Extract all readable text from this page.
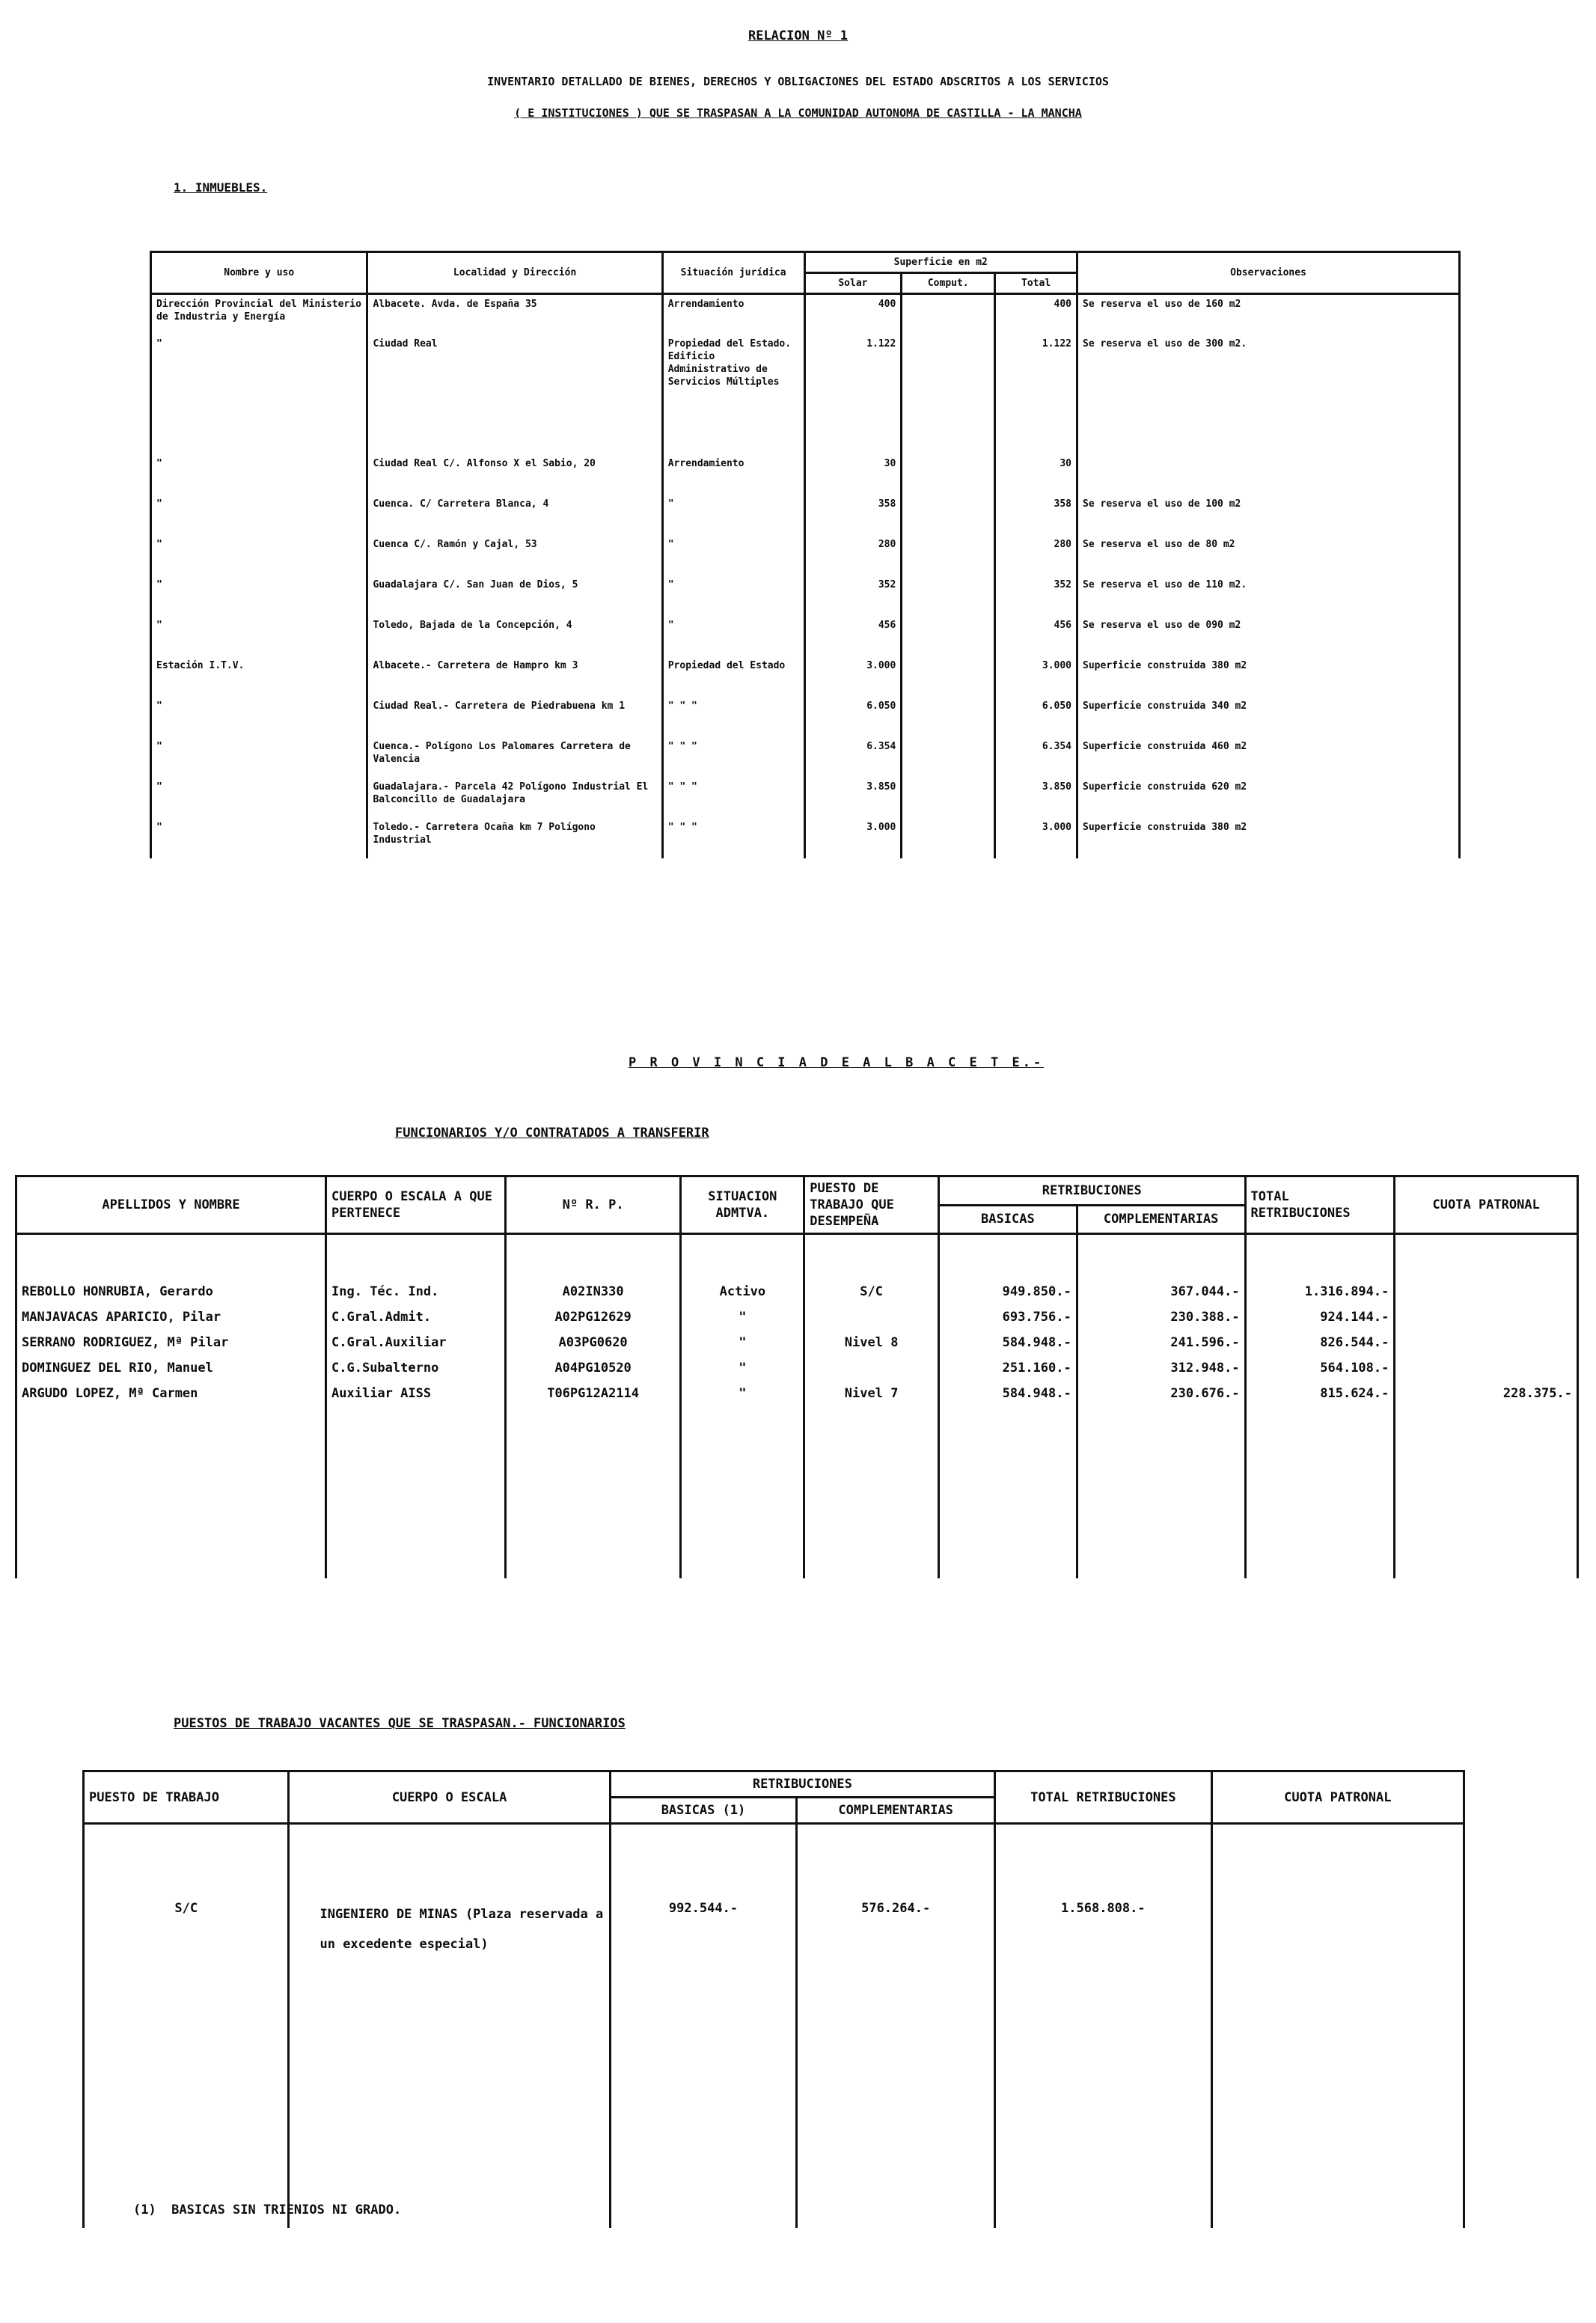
RELACION Nº 1
INVENTARIO DETALLADO DE BIENES, DERECHOS Y OBLIGACIONES DEL ESTADO ADSCRITOS A LOS SERVICIOS
( E INSTITUCIONES ) QUE SE TRASPASAN A LA COMUNIDAD AUTONOMA DE CASTILLA - LA MANCHA
1. INMUEBLES.
Nombre y uso	Localidad y Dirección	Situación jurídica	Superficie en m2			Observaciones
			Solar	Comput.	Total	
Dirección Provincial del Ministerio de Industria y Energía	Albacete. Avda. de España 35	Arrendamiento	400		400	Se reserva el uso de 160 m2
"	Ciudad Real	Propiedad del Estado. Edificio Administrativo de Servicios Múltiples	1.122		1.122	Se reserva el uso de 300 m2.
"	Ciudad Real C/. Alfonso X el Sabio, 20	Arrendamiento	30		30	
"	Cuenca. C/ Carretera Blanca, 4	"	358		358	Se reserva el uso de 100 m2
"	Cuenca C/. Ramón y Cajal, 53	"	280		280	Se reserva el uso de 80 m2
"	Guadalajara C/. San Juan de Dios, 5	"	352		352	Se reserva el uso de 110 m2.
"	Toledo, Bajada de la Concepción, 4	"	456		456	Se reserva el uso de 090 m2
Estación I.T.V.	Albacete.- Carretera de Hampro km 3	Propiedad del Estado	3.000		3.000	Superficie construida 380 m2
"	Ciudad Real.- Carretera de Piedrabuena km 1	" " "	6.050		6.050	Superficie construida 340 m2
"	Cuenca.- Polígono Los Palomares Carretera de Valencia	" " "	6.354		6.354	Superficie construida 460 m2
"	Guadalajara.- Parcela 42 Polígono Industrial El Balconcillo de Guadalajara	" " "	3.850		3.850	Superficie construida 620 m2
"	Toledo.- Carretera Ocaña km 7 Polígono Industrial	" " "	3.000		3.000	Superficie construida 380 m2
P R O V I N C I A D E A L B A C E T E.-
FUNCIONARIOS Y/O CONTRATADOS A TRANSFERIR
APELLIDOS Y NOMBRE	CUERPO O ESCALA A QUE PERTENECE	Nº R. P.	SITUACION ADMTVA.	PUESTO DE TRABAJO QUE DESEMPEÑA	RETRIBUCIONES		TOTAL RETRIBUCIONES	CUOTA PATRONAL
					BASICAS	COMPLEMENTARIAS		

REBOLLO HONRUBIA, Gerardo	Ing. Téc. Ind.	A02IN330	Activo	S/C	949.850.-	367.044.-	1.316.894.-	
MANJAVACAS APARICIO, Pilar	C.Gral.Admit.	A02PG12629	"		693.756.-	230.388.-	924.144.-	
SERRANO RODRIGUEZ, Mª Pilar	C.Gral.Auxiliar	A03PG0620	"	Nivel 8	584.948.-	241.596.-	826.544.-	
DOMINGUEZ DEL RIO, Manuel	C.G.Subalterno	A04PG10520	"		251.160.-	312.948.-	564.108.-	
ARGUDO LOPEZ, Mª Carmen	Auxiliar AISS	T06PG12A2114	"	Nivel 7	584.948.-	230.676.-	815.624.-	228.375.-

PUESTOS DE TRABAJO VACANTES QUE SE TRASPASAN.- FUNCIONARIOS
PUESTO DE TRABAJO	CUERPO O ESCALA	RETRIBUCIONES		TOTAL RETRIBUCIONES	CUOTA PATRONAL
		BASICAS (1)	COMPLEMENTARIAS		
S/C	INGENIERO DE MINAS (Plaza reservada a un excedente especial)	992.544.-	576.264.-	1.568.808.-	
(1)  BASICAS SIN TRIENIOS NI GRADO.
